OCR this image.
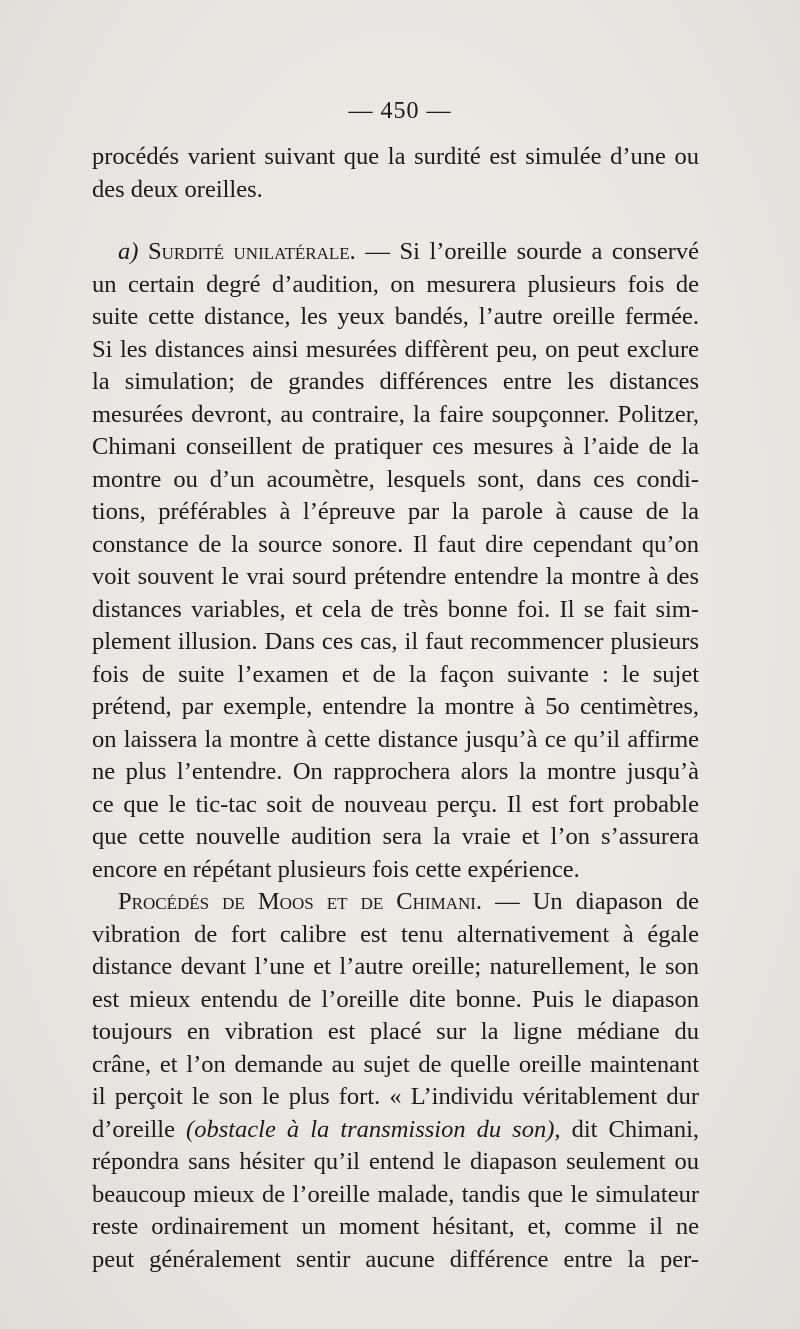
— 450 —
procédés varient suivant que la surdité est simulée d’une ou
des deux oreilles.
a) Surdité unilatérale. — Si l’oreille sourde a conservé
un certain degré d’audition, on mesurera plusieurs fois de
suite cette distance, les yeux bandés, l’autre oreille fermée.
Si les distances ainsi mesurées diffèrent peu, on peut exclure
la simulation; de grandes différences entre les distances
mesurées devront, au contraire, la faire soupçonner. Politzer,
Chimani conseillent de pratiquer ces mesures à l’aide de la
montre ou d’un acoumètre, lesquels sont, dans ces condi-
tions, préférables à l’épreuve par la parole à cause de la
constance de la source sonore. Il faut dire cependant qu’on
voit souvent le vrai sourd prétendre entendre la montre à des
distances variables, et cela de très bonne foi. Il se fait sim-
plement illusion. Dans ces cas, il faut recommencer plusieurs
fois de suite l’examen et de la façon suivante : le sujet
prétend, par exemple, entendre la montre à 5o centimètres,
on laissera la montre à cette distance jusqu’à ce qu’il affirme
ne plus l’entendre. On rapprochera alors la montre jusqu’à
ce que le tic-tac soit de nouveau perçu. Il est fort probable
que cette nouvelle audition sera la vraie et l’on s’assurera
encore en répétant plusieurs fois cette expérience.
Procédés de Moos et de Chimani. — Un diapason de
vibration de fort calibre est tenu alternativement à égale
distance devant l’une et l’autre oreille; naturellement, le son
est mieux entendu de l’oreille dite bonne. Puis le diapason
toujours en vibration est placé sur la ligne médiane du
crâne, et l’on demande au sujet de quelle oreille maintenant
il perçoit le son le plus fort. « L’individu véritablement dur
d’oreille (obstacle à la transmission du son), dit Chimani,
répondra sans hésiter qu’il entend le diapason seulement ou
beaucoup mieux de l’oreille malade, tandis que le simulateur
reste ordinairement un moment hésitant, et, comme il ne
peut généralement sentir aucune différence entre la per-
